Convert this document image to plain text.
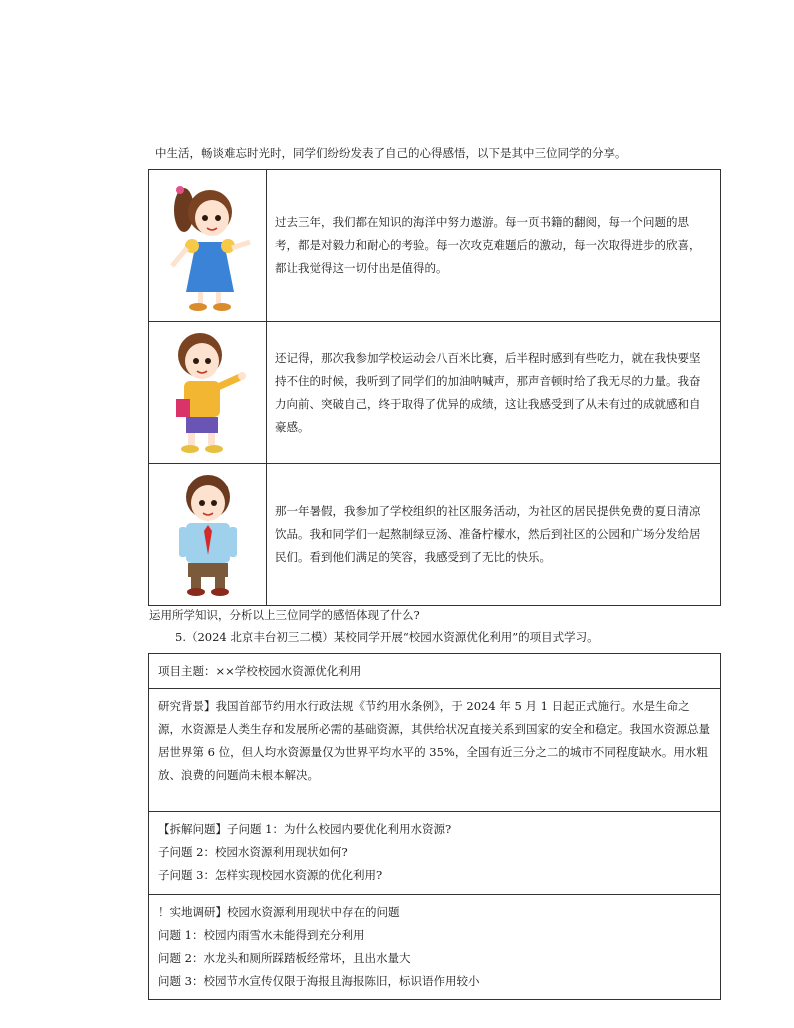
中生活，畅谈难忘时光时，同学们纷纷发表了自己的心得感悟，以下是其中三位同学的分享。
	过去三年，我们都在知识的海洋中努力遨游。每一页书籍的翻阅，每一个问题的思考，都是对毅力和耐心的考验。每一次攻克难题后的激动，每一次取得进步的欣喜，都让我觉得这一切付出是值得的。

	还记得，那次我参加学校运动会八百米比赛，后半程时感到有些吃力，就在我快要坚持不住的时候，我听到了同学们的加油呐喊声，那声音顿时给了我无尽的力量。我奋力向前、突破自己，终于取得了优异的成绩，这让我感受到了从未有过的成就感和自豪感。

	那一年暑假，我参加了学校组织的社区服务活动，为社区的居民提供免费的夏日清凉饮品。我和同学们一起熬制绿豆汤、准备柠檬水，然后到社区的公园和广场分发给居民们。看到他们满足的笑容，我感受到了无比的快乐。
运用所学知识，分析以上三位同学的感悟体现了什么?
5.（2024 北京丰台初三二模）某校同学开展“校园水资源优化利用”的项目式学习。
项目主题：××学校校园水资源优化利用
研究背景】我国首部节约用水行政法规《节约用水条例》，于 2024 年 5 月 1 日起正式施行。水是生命之源，水资源是人类生存和发展所必需的基础资源，其供给状况直接关系到国家的安全和稳定。我国水资源总量居世界第 6 位，但人均水资源量仅为世界平均水平的 35%，全国有近三分之二的城市不同程度缺水。用水粗放、浪费的问题尚未根本解决。

【拆解问题】子问题 1：为什么校园内要优化利用水资源?
子问题 2：校园水资源利用现状如何?
子问题 3：怎样实现校园水资源的优化利用?

！实地调研】校园水资源利用现状中存在的问题
问题 1：校园内雨雪水未能得到充分利用
问题 2：水龙头和厕所踩踏板经常坏，且出水量大
问题 3：校园节水宣传仅限于海报且海报陈旧，标识语作用较小
